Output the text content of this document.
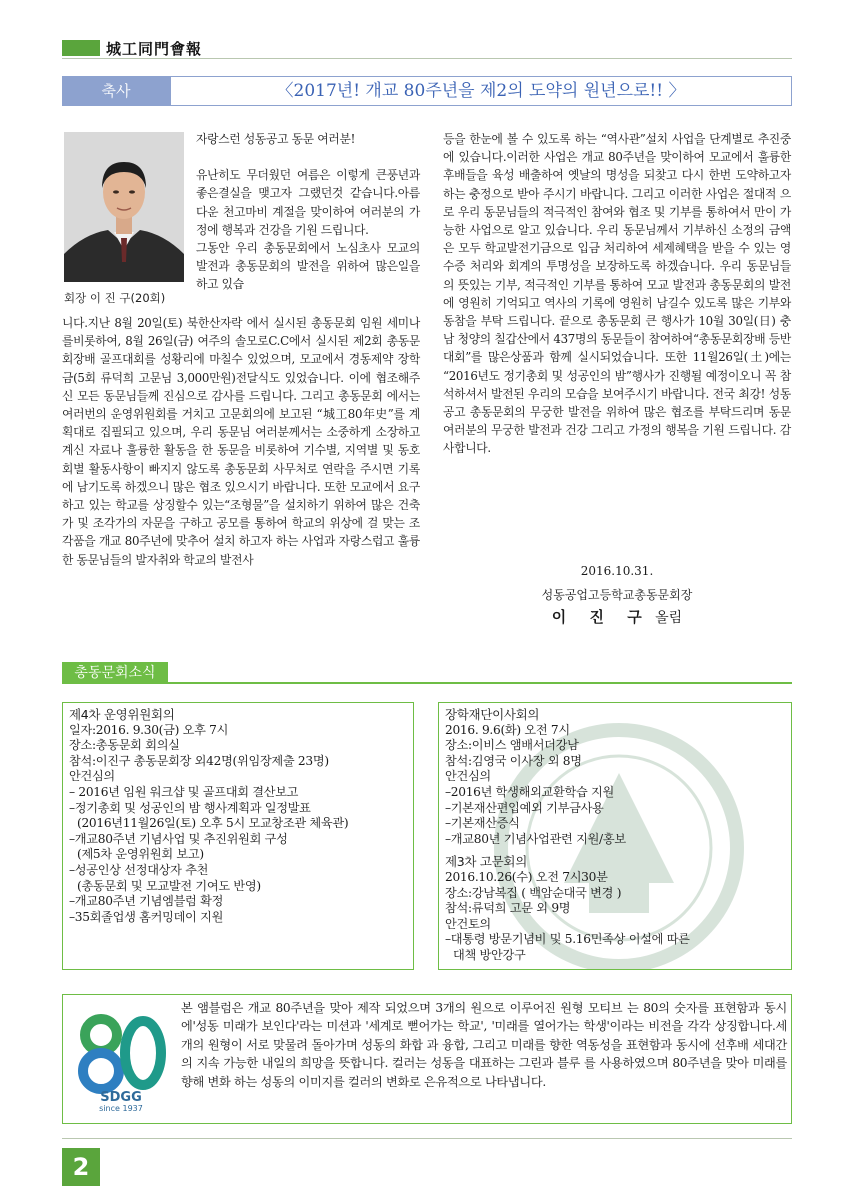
城工同門會報
축사	〈2017년! 개교 80주년을 제2의 도약의 원년으로!! 〉
회장 이 진 구(20회)

자랑스런 성동공고 동문 여러분!

유난히도 무더웠던 여름은 이렇게 큰풍년과 좋은결실을 맺고자 그랬던것 같습니다.아름다운 천고마비 계절을 맞이하여 여러분의 가정에 행복과 건강을 기원 드립니다.

그동안 우리 총동문회에서 노심초사 모교의 발전과 총동문회의 발전을 위하여 많은일을 하고 있습

니다.지난 8월 20일(토) 북한산자락 에서 실시된 총동문회 임원 세미나를비롯하여, 8월 26일(금) 여주의 솔모로C.C에서 실시된 제2회 총동문회장배 골프대회를 성황리에 마칠수 있었으며, 모교에서 경동제약 장학금(5회 류덕희 고문님 3,000만원)전달식도 있었습니다. 이에 협조해주신 모든 동문님들께 진심으로 감사를 드립니다. 그리고 총동문회 에서는 여러번의 운영위원회를 거치고 고문회의에 보고된 “城工80年史”를 계획대로 집필되고 있으며, 우리 동문님 여러분께서는 소중하게 소장하고 계신 자료나 훌륭한 활동을 한 동문을 비롯하여 기수별, 지역별 및 동호회별 활동사항이 빠지지 않도록 총동문회 사무처로 연락을 주시면 기록에 남기도록 하겠으니 많은 협조 있으시기 바랍니다. 또한 모교에서 요구하고 있는 학교를 상징할수 있는“조형물”을 설치하기 위하여 많은 건축가 및 조각가의 자문을 구하고 공모를 통하여 학교의 위상에 걸 맞는 조각품을 개교 80주년에 맞추어 설치 하고자 하는 사업과 자랑스럽고 훌륭한 동문님들의 발자취와 학교의 발전사

등을 한눈에 볼 수 있도록 하는 “역사관”설치 사업을 단계별로 추진중에 있습니다.이러한 사업은 개교 80주년을 맞이하여 모교에서 훌륭한 후배들을 육성 배출하여 옛날의 명성을 되찾고 다시 한번 도약하고자 하는 충정으로 받아 주시기 바랍니다. 그리고 이러한 사업은 절대적 으로 우리 동문님들의 적극적인 참여와 협조 및 기부를 통하여서 만이 가능한 사업으로 알고 있습니다. 우리 동문님께서 기부하신 소정의 금액은 모두 학교발전기금으로 입금 처리하여 세제혜택을 받을 수 있는 영수증 처리와 회계의 투명성을 보장하도록 하겠습니다. 우리 동문님들의 뜻있는 기부, 적극적인 기부를 통하여 모교 발전과 총동문회의 발전에 영원히 기억되고 역사의 기록에 영원히 남길수 있도록 많은 기부와 동참을 부탁 드립니다. 끝으로 총동문회 큰 행사가 10월 30일(日) 충남 청양의 칠갑산에서 437명의 동문들이 참여하여“총동문회장배 등반대회”를 많은상품과 함께 실시되었습니다. 또한 11월26일(土)에는 “2016년도 정기총회 및 성공인의 밤”행사가 진행될 예정이오니 꼭 참석하셔서 발전된 우리의 모습을 보여주시기 바랍니다. 전국 최강! 성동공고 총동문회의 무궁한 발전을 위하여 많은 협조를 부탁드리며 동문 여러분의 무궁한 발전과 건강 그리고 가정의 행복을 기원 드립니다. 감사합니다.

2016.10.31.
성동공업고등학교총동문회장
이 진 구 올림
총동문회소식
제4차 운영위원회의
일자:2016. 9.30(금) 오후 7시
장소:총동문회 회의실
참석:이진구 총동문회장 외42명(위임장제출 23명)
안건심의
– 2016년 임원 워크샵 및 골프대회 결산보고
–정기총회 및 성공인의 밤 행사계획과 일정발표
(2016년11월26일(토) 오후 5시 모교창조관 체육관)
–개교80주년 기념사업 및 추진위원회 구성
(제5차 운영위원회 보고)
–성공인상 선정대상자 추천
(총동문회 및 모교발전 기여도 반영)
–개교80주년 기념엠블럼 확정
–35회졸업생 홈커밍데이 지원
장학재단이사회의
2016. 9.6(화) 오전 7시
장소:이비스 앰배서더강남
참석:김영국 이사장 외 8명
안건심의
–2016년 학생해외교환학습 지원
–기본재산편입예외 기부금사용
–기본재산증식
–개교80년 기념사업관련 지원/홍보
제3차 고문회의
2016.10.26(수) 오전 7시30분
장소:강남복집 ( 백암순대국 변경 )
참석:류덕희 고문 외 9명
안건토의
–대통령 방문기념비 및 5.16민족상 이설에 따른
대책 방안강구
SDGG
since 1937
본 앰블럼은 개교 80주년을 맞아 제작 되었으며 3개의 원으로 이루어진 원형 모티브 는 80의 숫자를 표현함과 동시에'성동 미래가 보인다'라는 미션과 '세계로 뻗어가는 학교', '미래를 열어가는 학생'이라는 비전을 각각 상징합니다.세 개의 원형이 서로 맞물려 돌아가며 성동의 화합 과 융합, 그리고 미래를 향한 역동성을 표현함과 동시에 선후배 세대간의 지속 가능한 내일의 희망을 뜻합니다. 컬러는 성동을 대표하는 그린과 블루 를 사용하였으며 80주년을 맞아 미래를 향해 변화 하는 성동의 이미지를 컬러의 변화로 은유적으로 나타냅니다.
2
